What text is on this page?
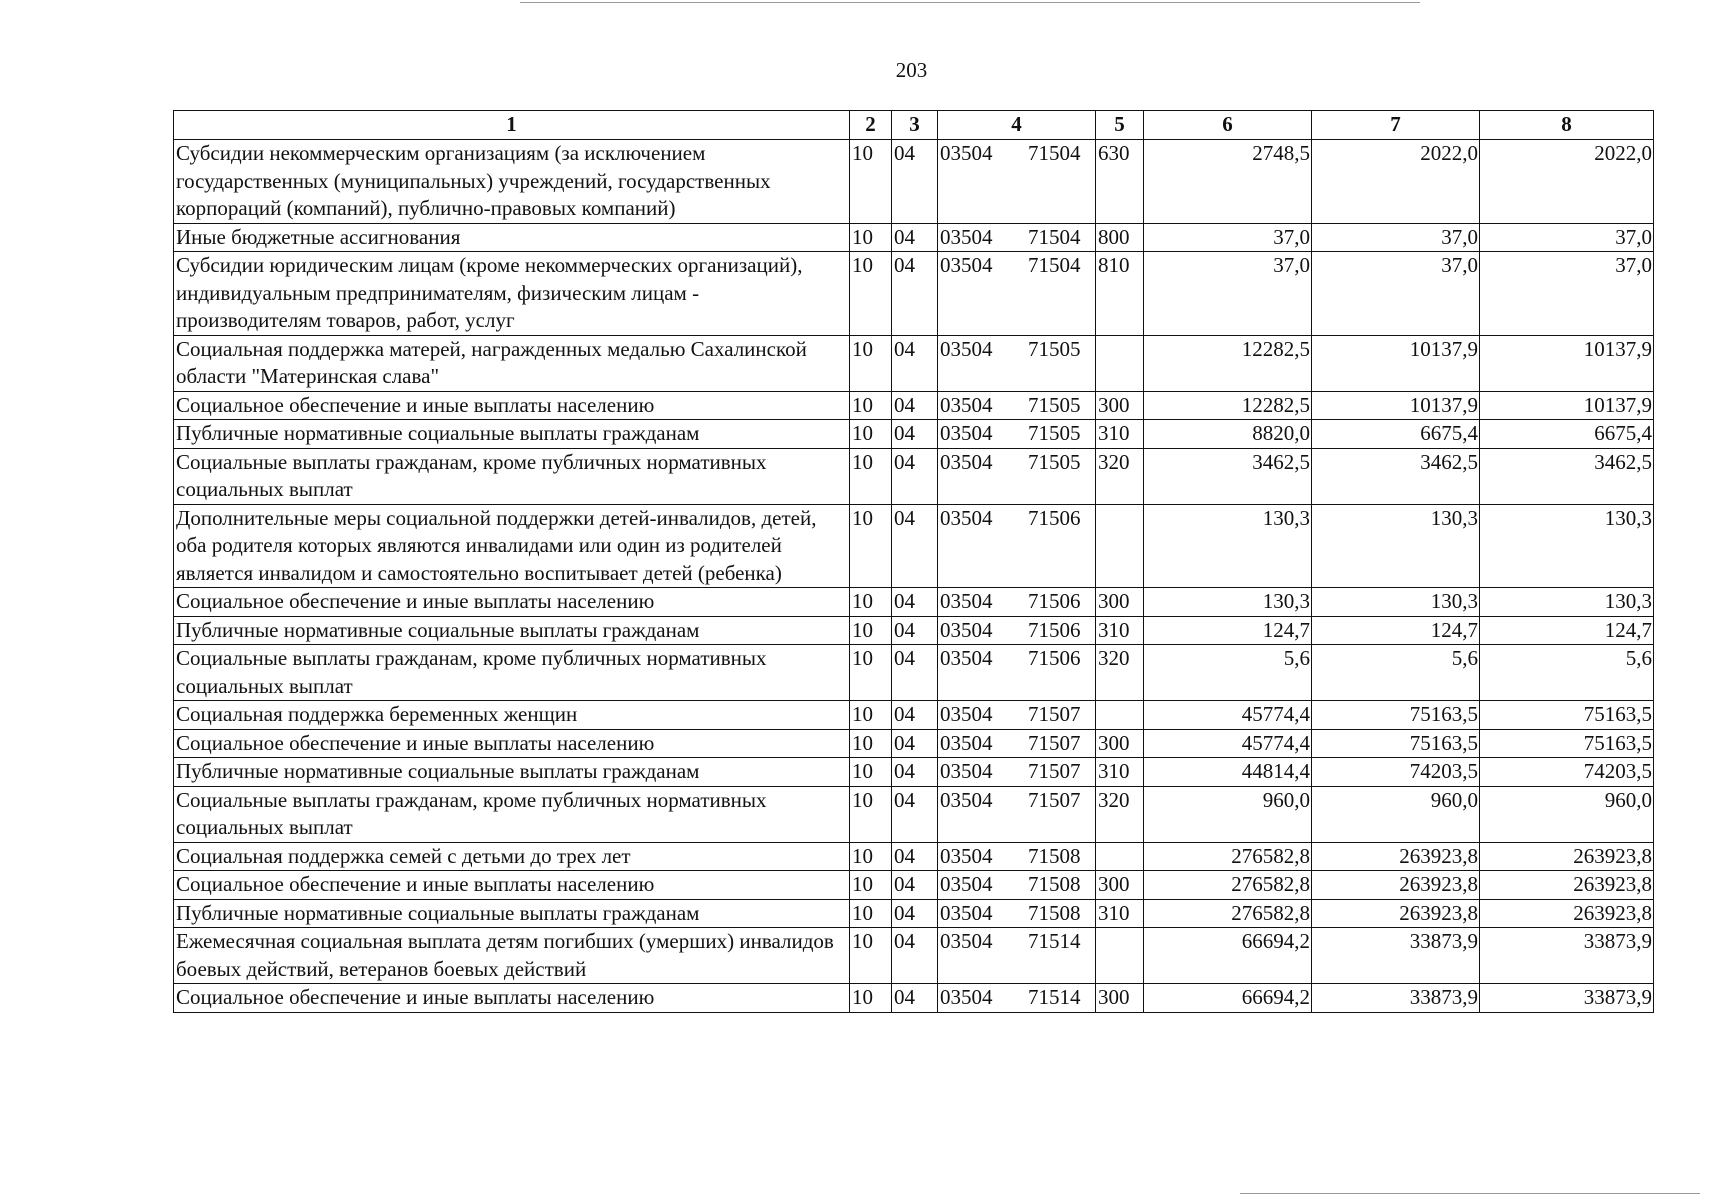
203
1	2	3	4	5	6	7	8
Субсидии некоммерческим организациям (за исключением государственных (муниципальных) учреждений, государственных корпораций (компаний), публично-правовых компаний)	10	04	03504 71504	630	2748,5	2022,0	2022,0
Иные бюджетные ассигнования	10	04	03504 71504	800	37,0	37,0	37,0
Субсидии юридическим лицам (кроме некоммерческих организаций), индивидуальным предпринимателям, физическим лицам - производителям товаров, работ, услуг	10	04	03504 71504	810	37,0	37,0	37,0
Социальная поддержка матерей, награжденных медалью Сахалинской области "Материнская слава"	10	04	03504 71505		12282,5	10137,9	10137,9
Социальное обеспечение и иные выплаты населению	10	04	03504 71505	300	12282,5	10137,9	10137,9
Публичные нормативные социальные выплаты гражданам	10	04	03504 71505	310	8820,0	6675,4	6675,4
Социальные выплаты гражданам, кроме публичных нормативных социальных выплат	10	04	03504 71505	320	3462,5	3462,5	3462,5
Дополнительные меры социальной поддержки детей-инвалидов, детей, оба родителя которых являются инвалидами или один из родителей является инвалидом и самостоятельно воспитывает детей (ребенка)	10	04	03504 71506		130,3	130,3	130,3
Социальное обеспечение и иные выплаты населению	10	04	03504 71506	300	130,3	130,3	130,3
Публичные нормативные социальные выплаты гражданам	10	04	03504 71506	310	124,7	124,7	124,7
Социальные выплаты гражданам, кроме публичных нормативных социальных выплат	10	04	03504 71506	320	5,6	5,6	5,6
Социальная поддержка беременных женщин	10	04	03504 71507		45774,4	75163,5	75163,5
Социальное обеспечение и иные выплаты населению	10	04	03504 71507	300	45774,4	75163,5	75163,5
Публичные нормативные социальные выплаты гражданам	10	04	03504 71507	310	44814,4	74203,5	74203,5
Социальные выплаты гражданам, кроме публичных нормативных социальных выплат	10	04	03504 71507	320	960,0	960,0	960,0
Социальная поддержка семей с детьми до трех лет	10	04	03504 71508		276582,8	263923,8	263923,8
Социальное обеспечение и иные выплаты населению	10	04	03504 71508	300	276582,8	263923,8	263923,8
Публичные нормативные социальные выплаты гражданам	10	04	03504 71508	310	276582,8	263923,8	263923,8
Ежемесячная социальная выплата детям погибших (умерших) инвалидов боевых действий, ветеранов боевых действий	10	04	03504 71514		66694,2	33873,9	33873,9
Социальное обеспечение и иные выплаты населению	10	04	03504 71514	300	66694,2	33873,9	33873,9
